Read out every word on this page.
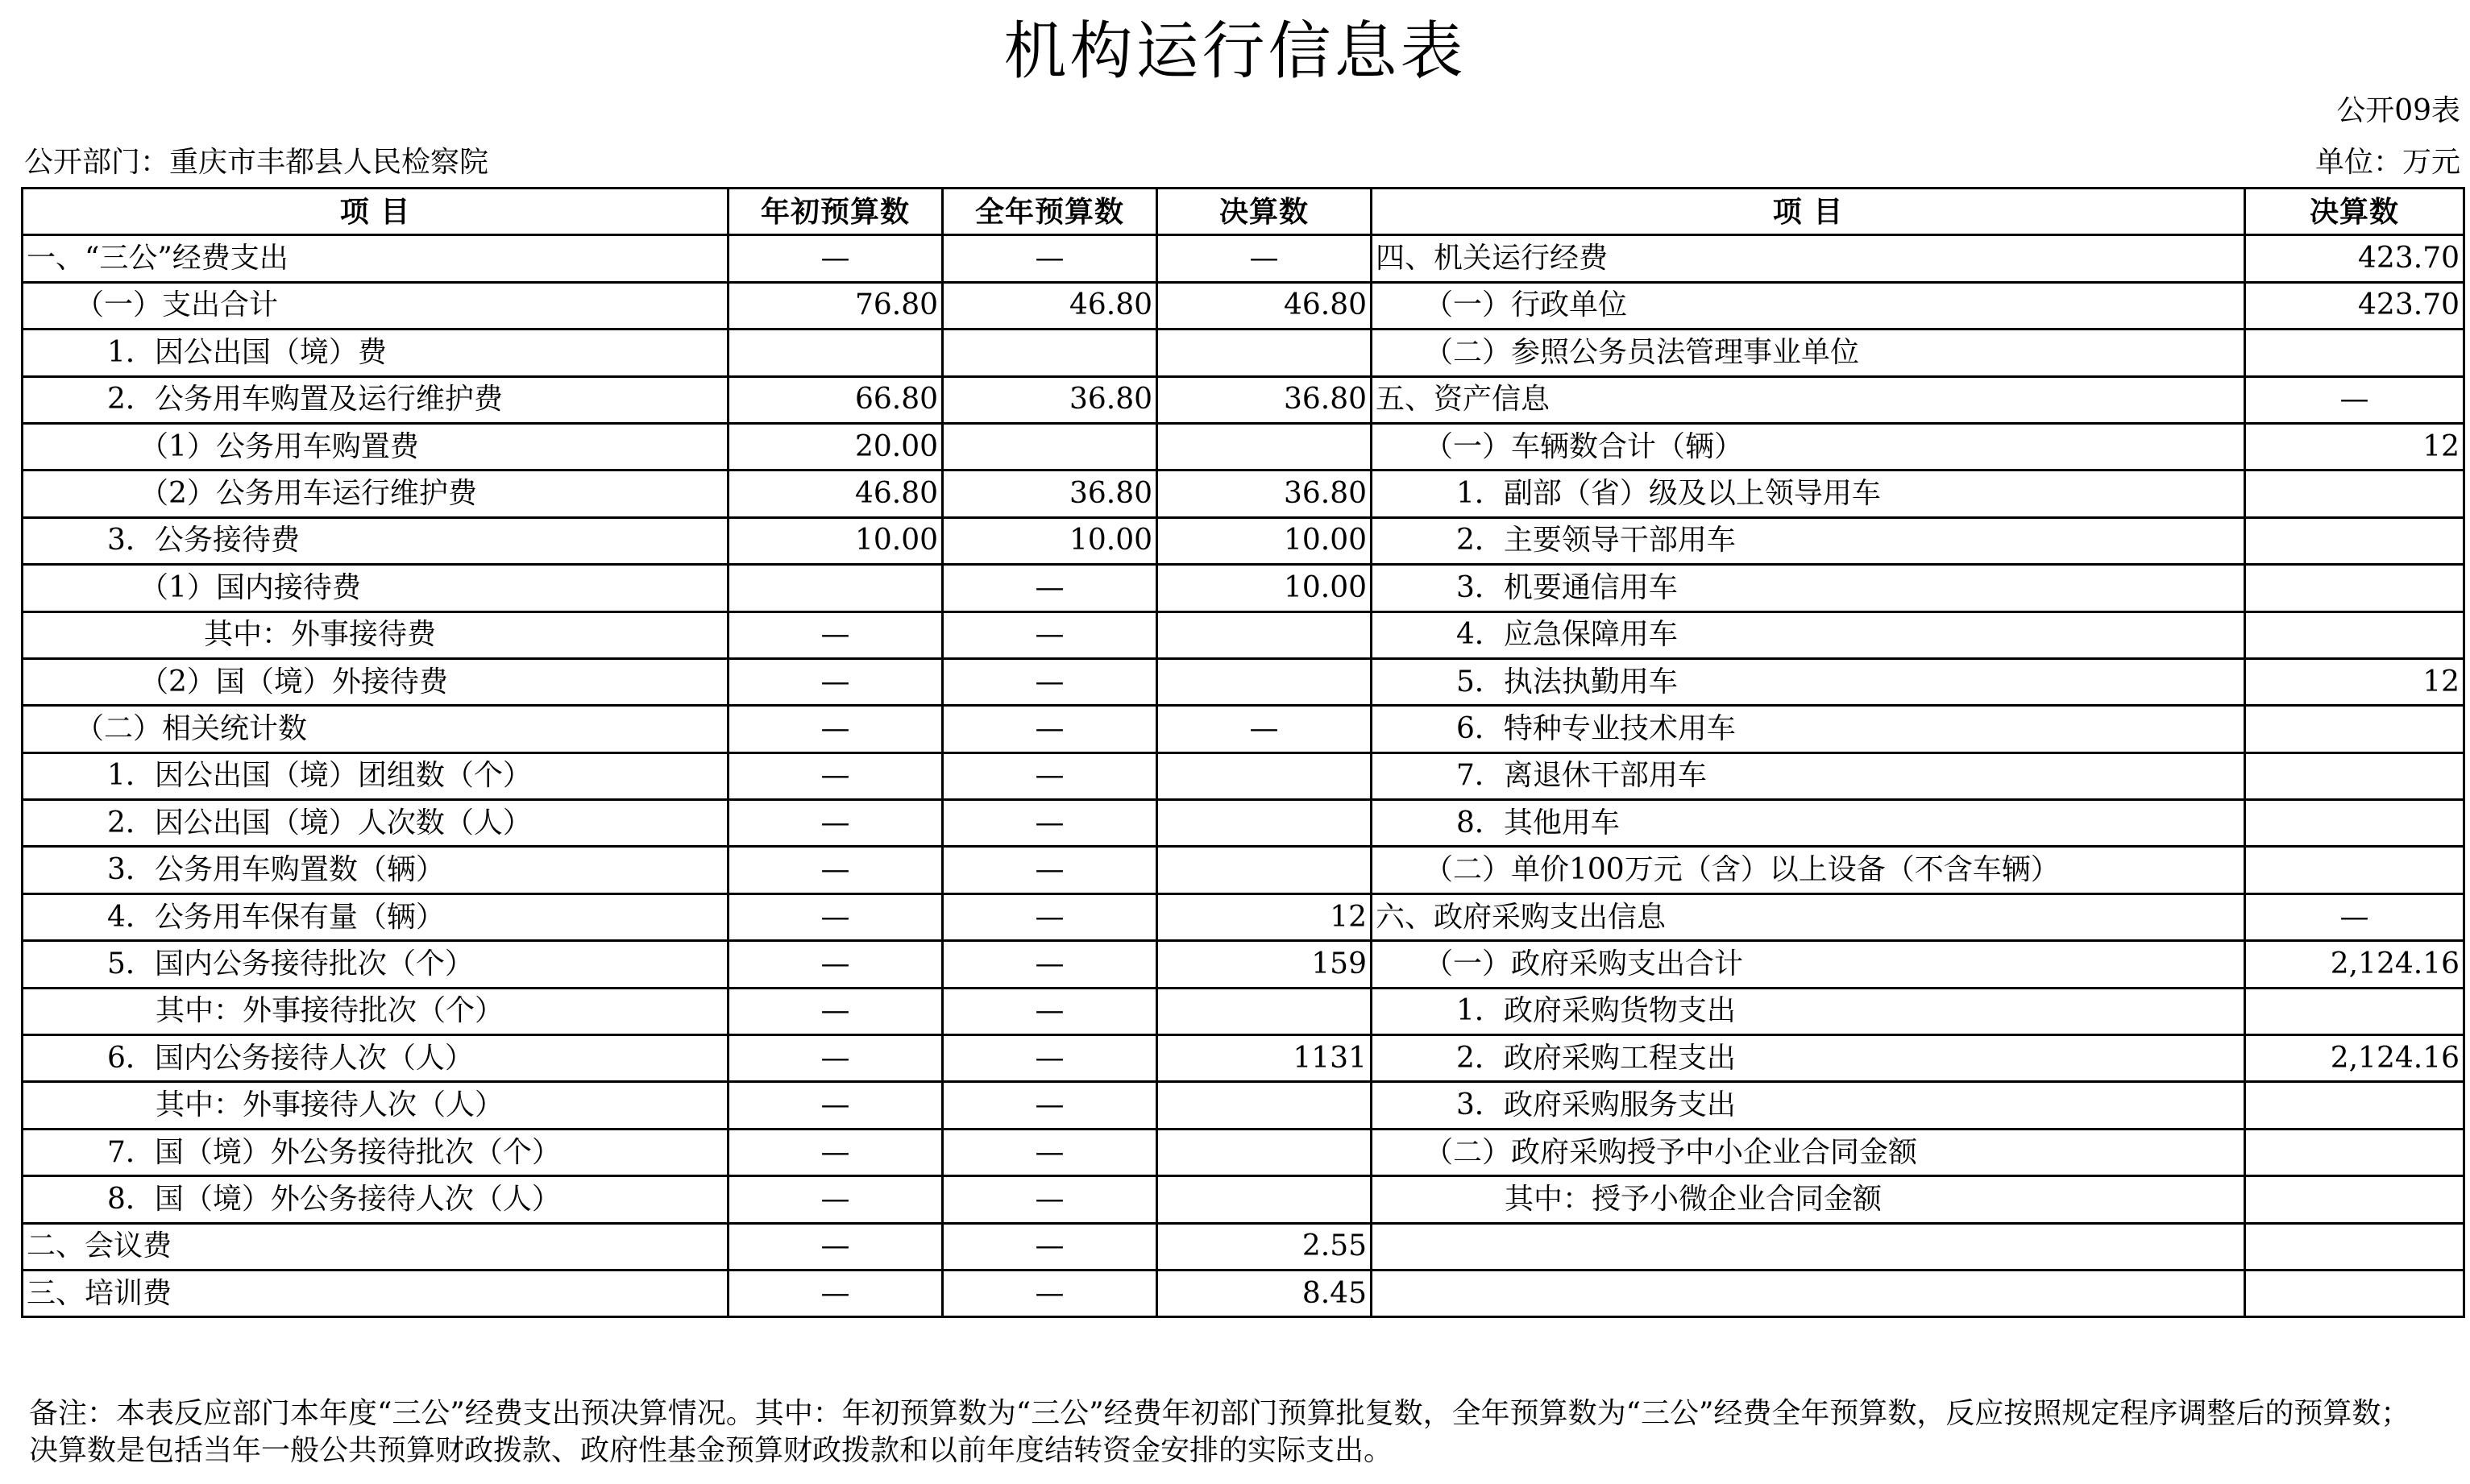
机构运行信息表
公开09表
公开部门：重庆市丰都县人民检察院	单位：万元
项 目	年初预算数	全年预算数	决算数	项 目	决算数
一、“三公”经费支出	—	—	—	四、机关运行经费	423.70
（一）支出合计	76.80	46.80	46.80	（一）行政单位	423.70
1．因公出国（境）费				（二）参照公务员法管理事业单位	
2．公务用车购置及运行维护费	66.80	36.80	36.80	五、资产信息	—
（1）公务用车购置费	20.00			（一）车辆数合计（辆）	12
（2）公务用车运行维护费	46.80	36.80	36.80	1．副部（省）级及以上领导用车	
3．公务接待费	10.00	10.00	10.00	2．主要领导干部用车	
（1）国内接待费		—	10.00	3．机要通信用车	
其中：外事接待费	—	—		4．应急保障用车	
（2）国（境）外接待费	—	—		5．执法执勤用车	12
（二）相关统计数	—	—	—	6．特种专业技术用车	
1．因公出国（境）团组数（个）	—	—		7．离退休干部用车	
2．因公出国（境）人次数（人）	—	—		8．其他用车	
3．公务用车购置数（辆）	—	—		（二）单价100万元（含）以上设备（不含车辆）	
4．公务用车保有量（辆）	—	—	12	六、政府采购支出信息	—
5．国内公务接待批次（个）	—	—	159	（一）政府采购支出合计	2,124.16
其中：外事接待批次（个）	—	—		1．政府采购货物支出	
6．国内公务接待人次（人）	—	—	1131	2．政府采购工程支出	2,124.16
其中：外事接待人次（人）	—	—		3．政府采购服务支出	
7．国（境）外公务接待批次（个）	—	—		（二）政府采购授予中小企业合同金额	
8．国（境）外公务接待人次（人）	—	—		其中：授予小微企业合同金额	
二、会议费	—	—	2.55		
三、培训费	—	—	8.45		
备注：本表反应部门本年度“三公”经费支出预决算情况。其中：年初预算数为“三公”经费年初部门预算批复数，全年预算数为“三公”经费全年预算数，反应按照规定程序调整后的预算数；决算数是包括当年一般公共预算财政拨款、政府性基金预算财政拨款和以前年度结转资金安排的实际支出。
